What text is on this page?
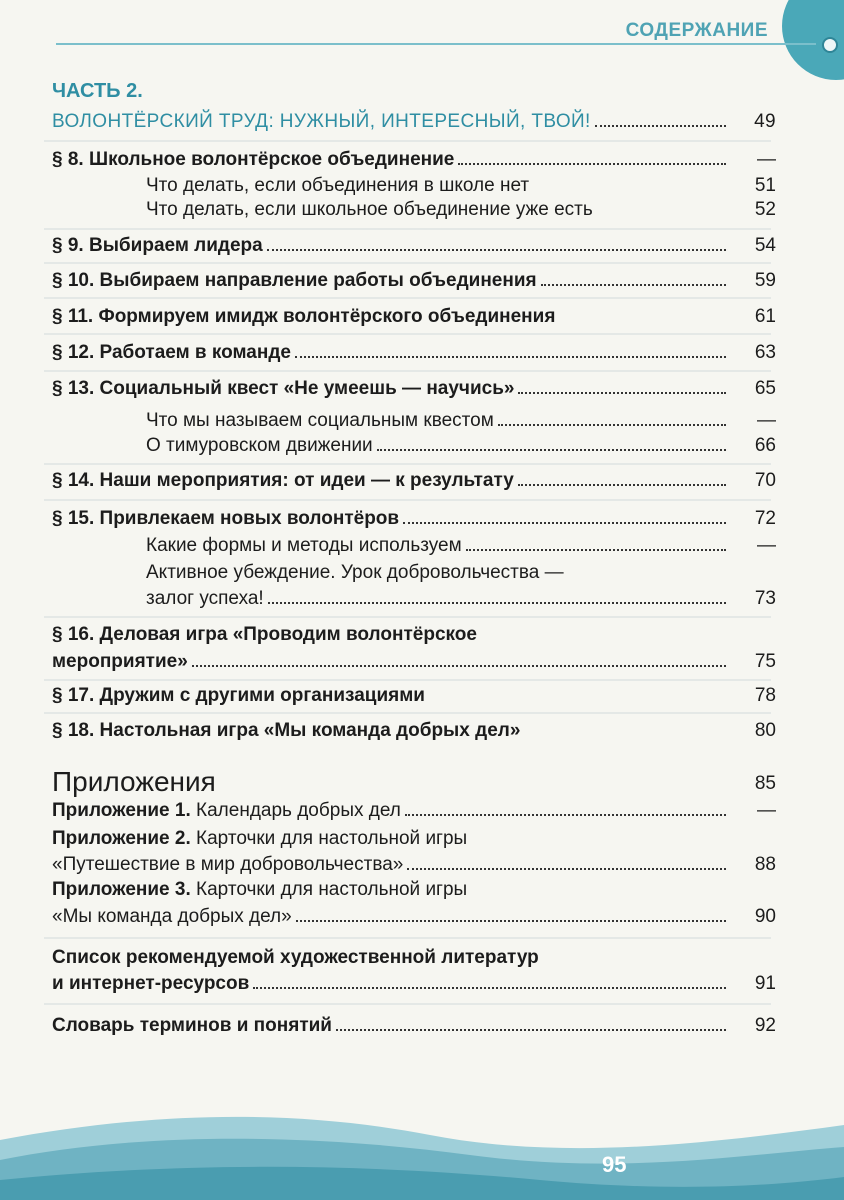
СОДЕРЖАНИЕ
ЧАСТЬ 2.
ВОЛОНТЁРСКИЙ ТРУД: НУЖНЫЙ, ИНТЕРЕСНЫЙ, ТВОЙ!	49
§ 8. Школьное волонтёрское объединение	—
Что делать, если объединения в школе нет	51
Что делать, если школьное объединение уже есть	52
§ 9. Выбираем лидера	54
§ 10. Выбираем направление работы объединения	59
§ 11. Формируем имидж волонтёрского объединения	61
§ 12. Работаем в команде	63
§ 13. Социальный квест «Не умеешь — научись»	65
Что мы называем социальным квестом	—
О тимуровском движении	66
§ 14. Наши мероприятия: от идеи — к результату	70
§ 15. Привлекаем новых волонтёров	72
Какие формы и методы используем	—
Активное убеждение. Урок добровольчества —
залог успеха!	73
§ 16. Деловая игра «Проводим волонтёрское
мероприятие»	75
§ 17. Дружим с другими организациями	78
§ 18. Настольная игра «Мы команда добрых дел»	80
Приложения	85
Приложение 1. Календарь добрых дел	—
Приложение 2. Карточки для настольной игры
«Путешествие в мир добровольчества»	88
Приложение 3. Карточки для настольной игры
«Мы команда добрых дел»	90
Список рекомендуемой художественной литератур
и интернет-ресурсов	91
Словарь терминов и понятий	92
95
